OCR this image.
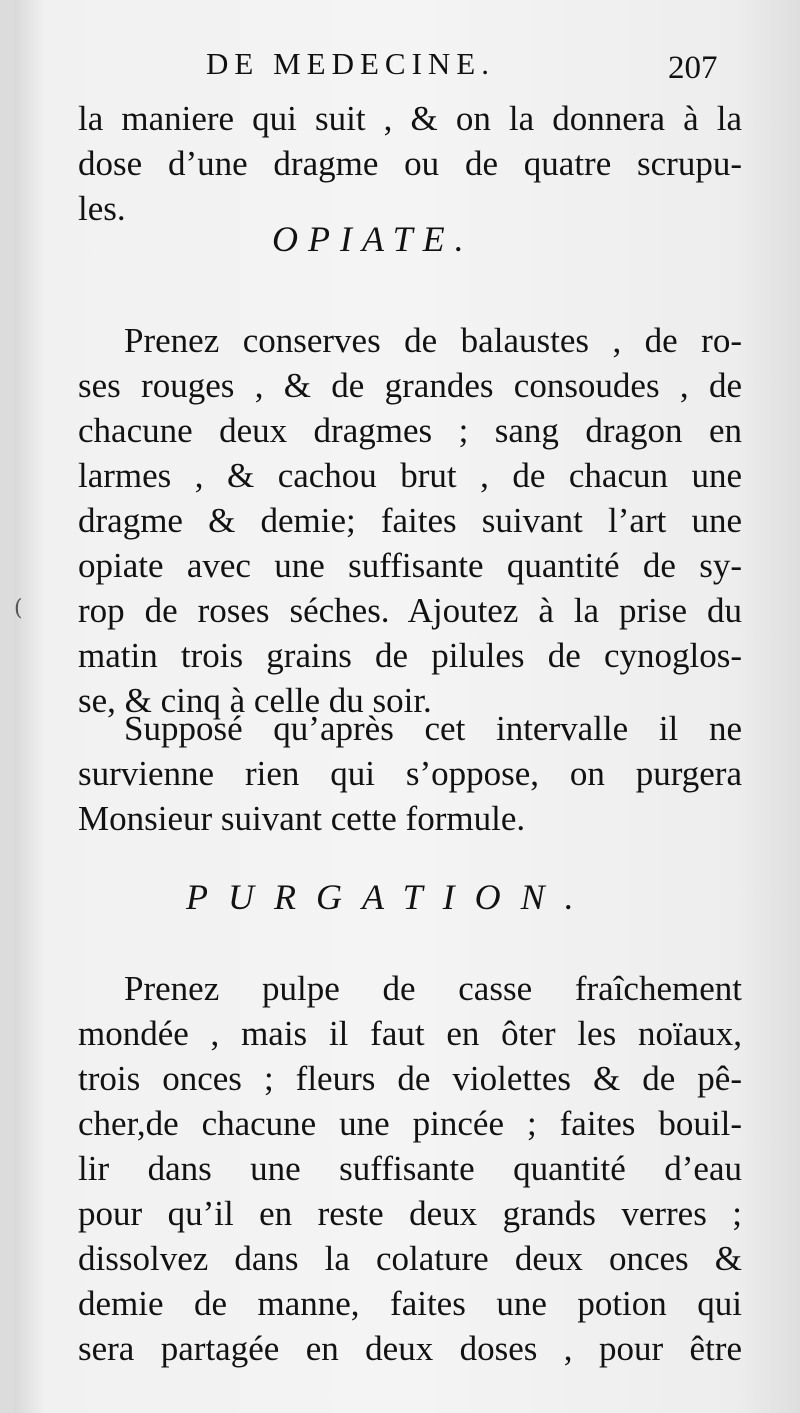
(
DE MEDECINE.	207
la maniere qui suit , & on la donnera à la
dose d’une dragme ou de quatre scrupu-
les.
OPIATE.
Prenez conserves de balaustes , de ro-
ses rouges , & de grandes consoudes , de
chacune deux dragmes ; sang dragon en
larmes , & cachou brut , de chacun une
dragme & demie; faites suivant l’art une
opiate avec une suffisante quantité de sy-
rop de roses séches. Ajoutez à la prise du
matin trois grains de pilules de cynoglos-
se, & cinq à celle du soir.
Supposé qu’après cet intervalle il ne
survienne rien qui s’oppose, on purgera
Monsieur suivant cette formule.
PURGATION.
Prenez pulpe de casse fraîchement
mondée , mais il faut en ôter les noïaux,
trois onces ; fleurs de violettes & de pê-
cher,de chacune une pincée ; faites bouil-
lir dans une suffisante quantité d’eau
pour qu’il en reste deux grands verres ;
dissolvez dans la colature deux onces &
demie de manne, faites une potion qui
sera partagée en deux doses , pour être
